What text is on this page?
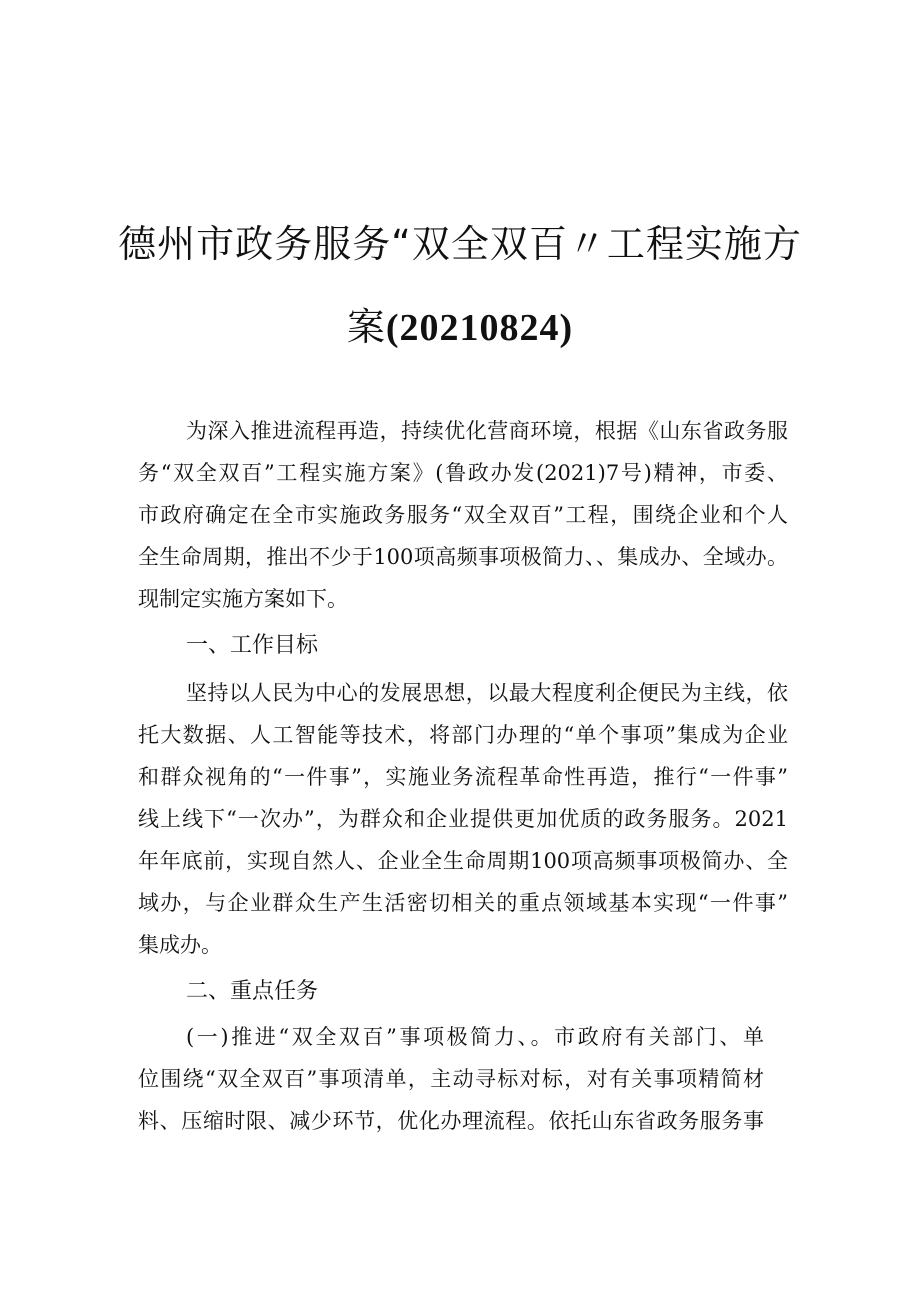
德州市政务服务“双全双百〃工程实施方
案(20210824)
为深入推进流程再造，持续优化营商环境，根据《山东省政务服
务“双全双百”工程实施方案》(鲁政办发(2021)7号)精神，市委、
市政府确定在全市实施政务服务“双全双百”工程，围绕企业和个人
全生命周期，推出不少于100项高频事项极简力、、集成办、全域办。
现制定实施方案如下。
一、工作目标
坚持以人民为中心的发展思想，以最大程度利企便民为主线，依
托大数据、人工智能等技术，将部门办理的“单个事项”集成为企业
和群众视角的“一件事”，实施业务流程革命性再造，推行“一件事”
线上线下“一次办”，为群众和企业提供更加优质的政务服务。2021
年年底前，实现自然人、企业全生命周期100项高频事项极简办、全
域办，与企业群众生产生活密切相关的重点领域基本实现“一件事”
集成办。
二、重点任务
(一)推进“双全双百”事项极简力、。市政府有关部门、单
位围绕“双全双百”事项清单，主动寻标对标，对有关事项精简材
料、压缩时限、减少环节，优化办理流程。依托山东省政务服务事
